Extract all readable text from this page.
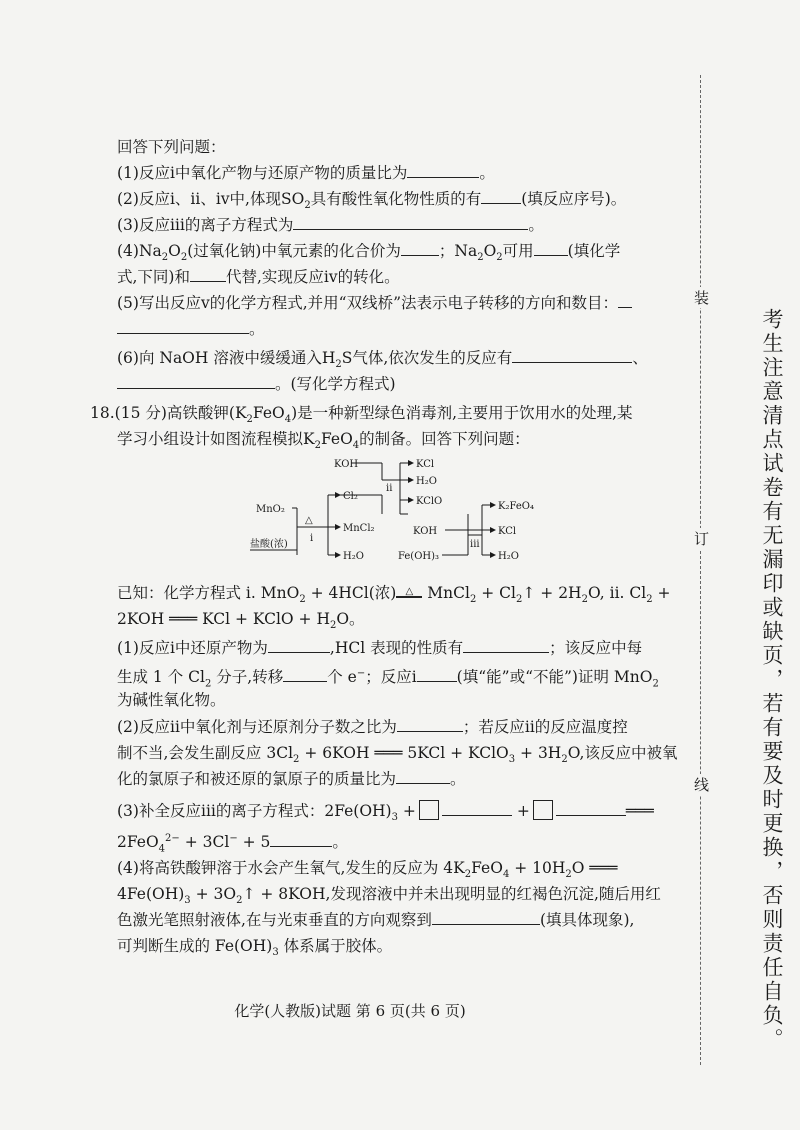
回答下列问题：
(1)反应ⅰ中氧化产物与还原产物的质量比为	。
(2)反应ⅰ、ⅱ、ⅳ中,体现$SO_2$具有酸性氧化物性质的有	(填反应序号)。
(3)反应ⅲ的离子方程式为	。
$(4)Na_2O_2$(过氧化钠)中氧元素的化合价为 ；$Na_2O_2$可用 (填化学
式,下同)和 代替,实现反应ⅳ的转化。
(5)写出反应ⅴ的化学方程式,并用“双线桥”法表示电子转移的方向和数目：
。
(6)向 NaOH 溶液中缓缓通入$H_2S$气体,依次发生的反应有	、
。(写化学方程式)
18.(15 分)高铁酸钾$(K_2FeO_4)$是一种新型绿色消毒剂,主要用于饮用水的处理,某
学习小组设计如图流程模拟$K_2FeO_4$的制备。回答下列问题：
KOH	KCl
H₂O
ii
Cl₂	KClO
MnO₂
△
i
MnCl₂	KOH
K₂FeO₄
KCl
盐酸(浓)
H₂O	Fe(OH)₃
iii
H₂O
已知：化学方程式 ⅰ. MnO$_2$ + 4HCl(浓) △ MnCl$_2$ + $Cl_2↑ + 2H_2O$, ⅱ. $Cl_2$ +
2KOH ═══ KCl + KClO + $H_2O$。
(1)反应ⅰ中还原产物为	,HCl 表现的性质有	；该反应中每
生成 1 个 $Cl_2$ 分子,转移	个 e−；反应ⅰ	(填“能”或“不能”)证明 MnO$_2$
为碱性氧化物。
(2)反应ⅱ中氧化剂与还原剂分子数之比为	；若反应ⅱ的反应温度控
制不当,会发生副反应 $3Cl_2 + 6KOH$ ═══ 5KCl + KClO$_3$ + $3H_2O$,该反应中被氧
化的氯原子和被还原的氯原子的质量比为	。
(3)补全反应ⅲ的离子方程式：$2Fe(OH)_3$ +	+	═══
2FeO$_4^{2-}$ + 3Cl− + 5	。
(4)将高铁酸钾溶于水会产生氧气,发生的反应为 $4K_2FeO_4 + 10H_2O$ ═══
$4Fe(OH)_3$ + $3O_2↑ + 8KOH$,发现溶液中并未出现明显的红褐色沉淀,随后用红
色激光笔照射液体,在与光束垂直的方向观察到	(填具体现象),
可判断生成的 $Fe(OH)_3$ 体系属于胶体。
化学(人教版)试题 第 6 页(共 6 页)
装
订
线 考生注意清点试卷有无漏印或缺页，若有要及时更换，否则责任自负。
